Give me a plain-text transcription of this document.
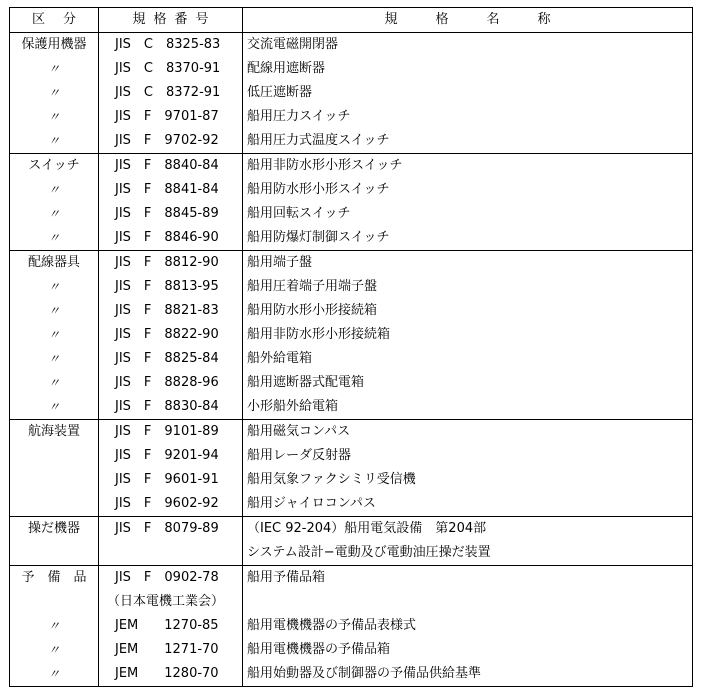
区分	規格番号	規格名称
保護用機器	JIS　C　8325-83	交流電磁開閉器
〃	JIS　C　8370-91	配線用遮断器
〃	JIS　C　8372-91	低圧遮断器
〃	JIS　F　9701-87	船用圧力スイッチ
〃	JIS　F　9702-92	船用圧力式温度スイッチ
スイッチ	JIS　F　8840-84	船用非防水形小形スイッチ
〃	JIS　F　8841-84	船用防水形小形スイッチ
〃	JIS　F　8845-89	船用回転スイッチ
〃	JIS　F　8846-90	船用防爆灯制御スイッチ
配線器具	JIS　F　8812-90	船用端子盤
〃	JIS　F　8813-95	船用圧着端子用端子盤
〃	JIS　F　8821-83	船用防水形小形接続箱
〃	JIS　F　8822-90	船用非防水形小形接続箱
〃	JIS　F　8825-84	船外給電箱
〃	JIS　F　8828-96	船用遮断器式配電箱
〃	JIS　F　8830-84	小形船外給電箱
航海装置	JIS　F　9101-89	船用磁気コンパス
	JIS　F　9201-94	船用レーダ反射器
	JIS　F　9601-91	船用気象ファクシミリ受信機
	JIS　F　9602-92	船用ジャイロコンパス
操だ機器	JIS　F　8079-89	（IEC 92-204）船用電気設備　第204部
		システム設計−電動及び電動油圧操だ装置
予　備　品	JIS　F　0902-78	船用予備品箱
	（日本電機工業会）	
〃	JEM　　1270-85	船用電機機器の予備品表様式
〃	JEM　　1271-70	船用電機機器の予備品箱
〃	JEM　　1280-70	船用始動器及び制御器の予備品供給基準
